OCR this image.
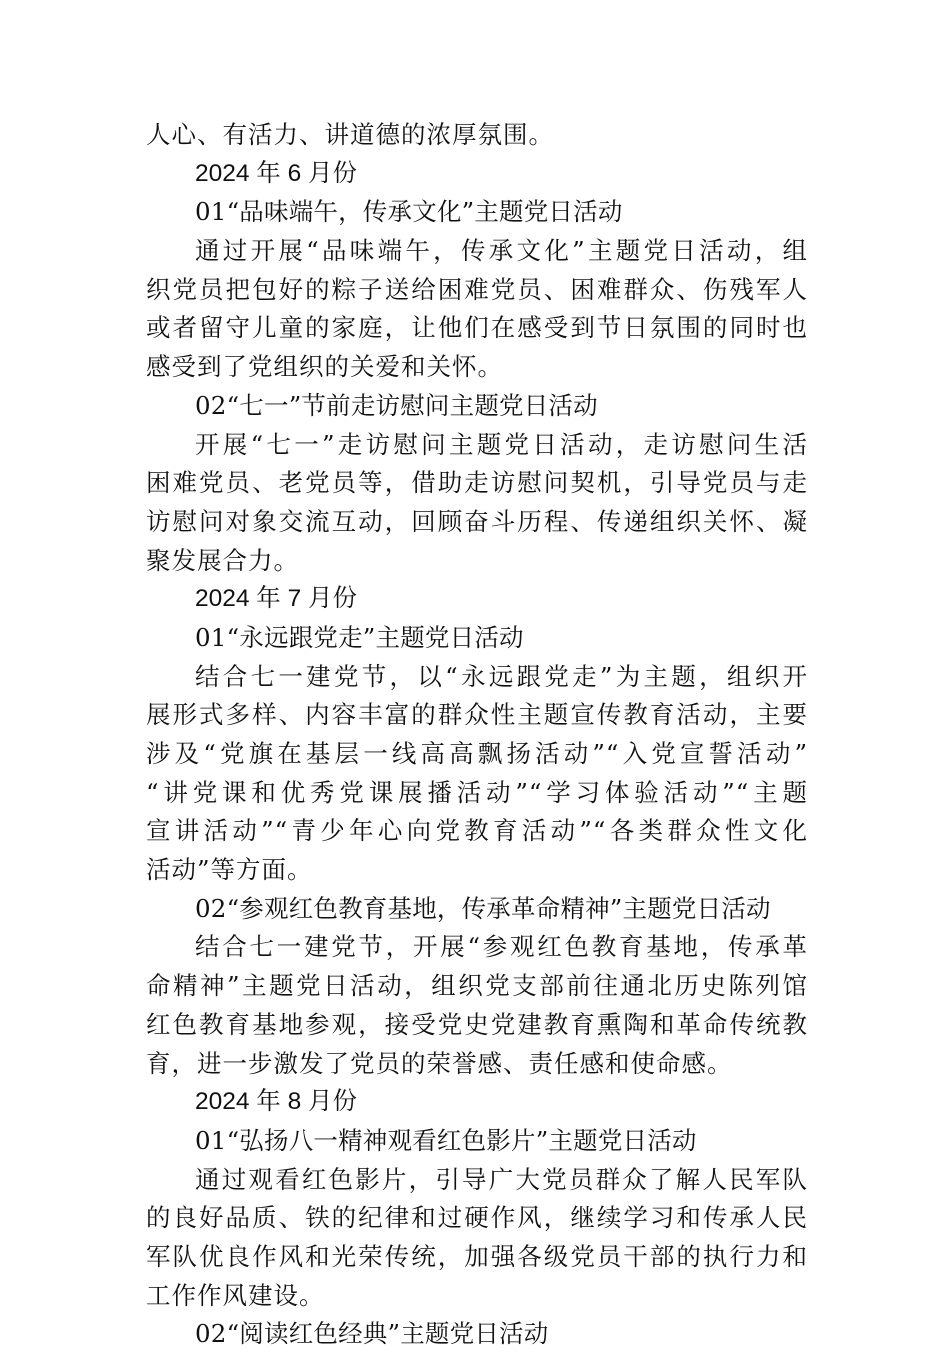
人心、有活力、讲道德的浓厚氛围。
2024 年 6 月份
01“品味端午，传承文化”主题党日活动
通过开展“品味端午，传承文化”主题党日活动，组
织党员把包好的粽子送给困难党员、困难群众、伤残军人
或者留守儿童的家庭，让他们在感受到节日氛围的同时也
感受到了党组织的关爱和关怀。
02“七一”节前走访慰问主题党日活动
开展“七一”走访慰问主题党日活动，走访慰问生活
困难党员、老党员等，借助走访慰问契机，引导党员与走
访慰问对象交流互动，回顾奋斗历程、传递组织关怀、凝
聚发展合力。
2024 年 7 月份
01“永远跟党走”主题党日活动
结合七一建党节，以“永远跟党走”为主题，组织开
展形式多样、内容丰富的群众性主题宣传教育活动，主要
涉及“党旗在基层一线高高飘扬活动”“入党宣誓活动”
“讲党课和优秀党课展播活动”“学习体验活动”“主题
宣讲活动”“青少年心向党教育活动”“各类群众性文化
活动”等方面。
02“参观红色教育基地，传承革命精神”主题党日活动
结合七一建党节，开展“参观红色教育基地，传承革
命精神”主题党日活动，组织党支部前往通北历史陈列馆
红色教育基地参观，接受党史党建教育熏陶和革命传统教
育，进一步激发了党员的荣誉感、责任感和使命感。
2024 年 8 月份
01“弘扬八一精神观看红色影片”主题党日活动
通过观看红色影片，引导广大党员群众了解人民军队
的良好品质、铁的纪律和过硬作风，继续学习和传承人民
军队优良作风和光荣传统，加强各级党员干部的执行力和
工作作风建设。
02“阅读红色经典”主题党日活动
